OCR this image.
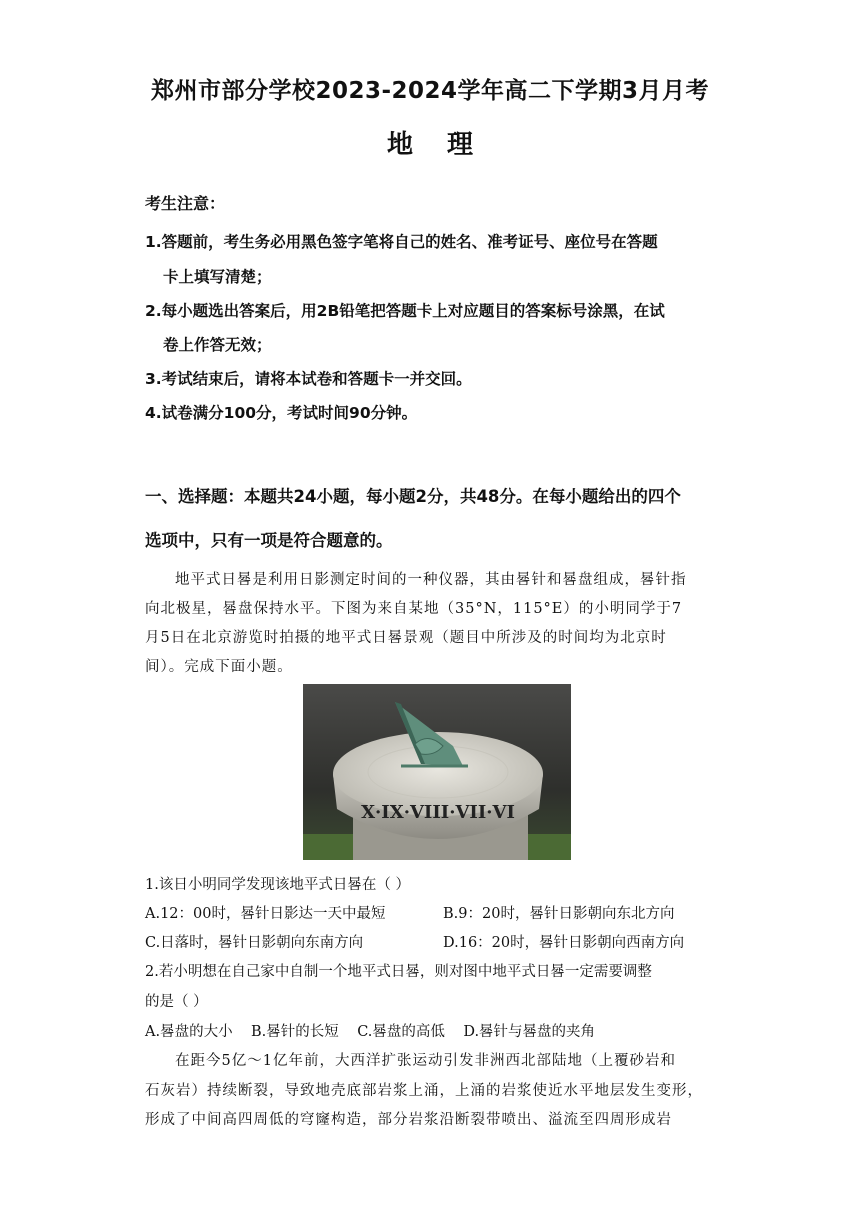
郑州市部分学校2023-2024学年高二下学期3月月考
地理
考生注意：
1.答题前，考生务必用黑色签字笔将自己的姓名、准考证号、座位号在答题
卡上填写清楚；
2.每小题选出答案后，用2B铅笔把答题卡上对应题目的答案标号涂黑，在试
卷上作答无效；
3.考试结束后，请将本试卷和答题卡一并交回。
4.试卷满分100分，考试时间90分钟。
一、选择题：本题共24小题，每小题2分，共48分。在每小题给出的四个
选项中，只有一项是符合题意的。
地平式日晷是利用日影测定时间的一种仪器，其由晷针和晷盘组成，晷针指
向北极星，晷盘保持水平。下图为来自某地（35°N，115°E）的小明同学于7
月5日在北京游览时拍摄的地平式日晷景观（题目中所涉及的时间均为北京时
间）。完成下面小题。
X·IX·VIII·VII·VI
1.该日小明同学发现该地平式日晷在（ ）
A.12：00时，晷针日影达一天中最短	B.9：20时，晷针日影朝向东北方向
C.日落时，晷针日影朝向东南方向	D.16：20时，晷针日影朝向西南方向
2.若小明想在自己家中自制一个地平式日晷，则对图中地平式日晷一定需要调整
的是（ ）
A.晷盘的大小    B.晷针的长短    C.晷盘的高低    D.晷针与晷盘的夹角
在距今5亿～1亿年前，大西洋扩张运动引发非洲西北部陆地（上覆砂岩和
石灰岩）持续断裂，导致地壳底部岩浆上涌，上涌的岩浆使近水平地层发生变形，
形成了中间高四周低的穹窿构造，部分岩浆沿断裂带喷出、溢流至四周形成岩
